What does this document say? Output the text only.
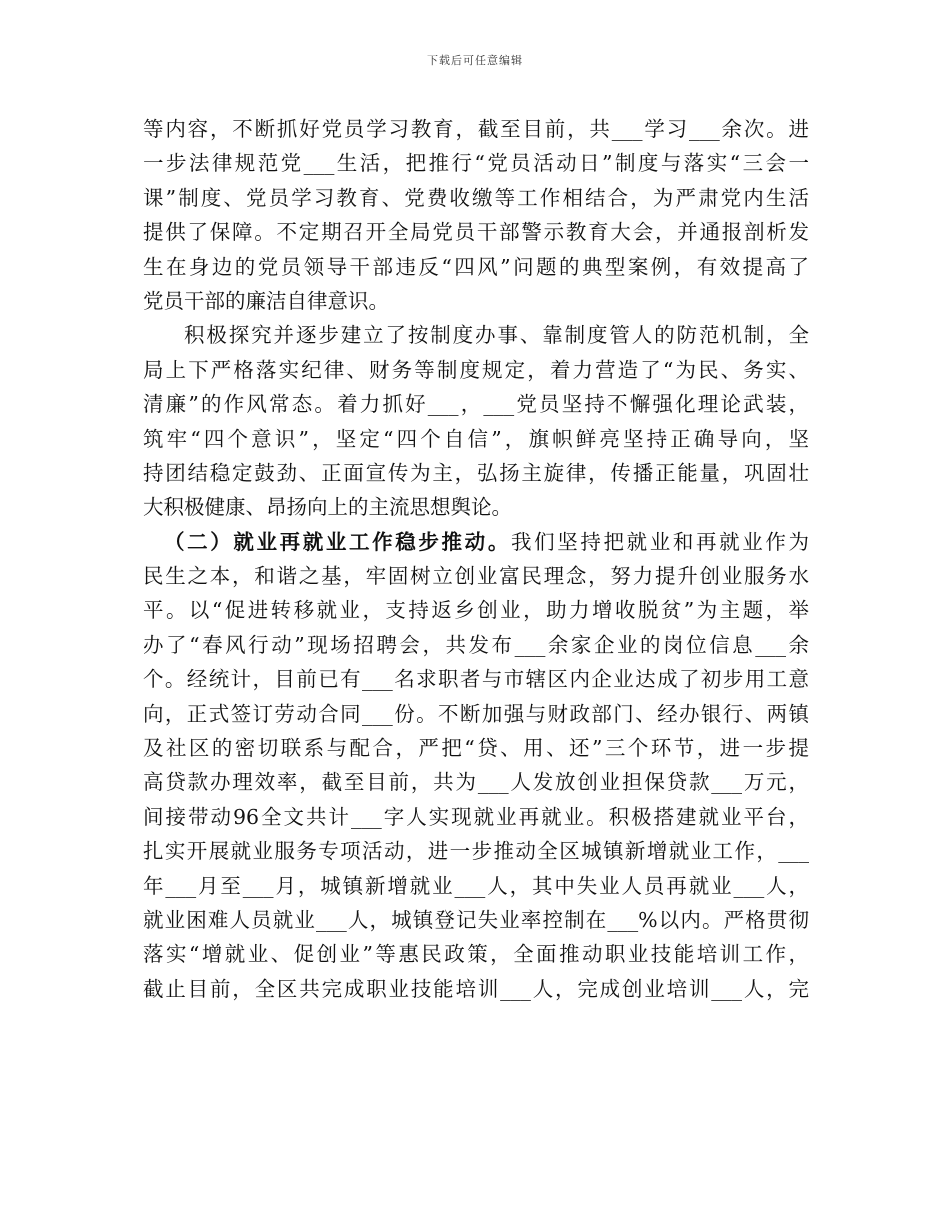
下载后可任意编辑
等内容，不断抓好党员学习教育，截至目前，共___学习___余次。进
一步法律规范党___生活，把推行“党员活动日”制度与落实“三会一
课”制度、党员学习教育、党费收缴等工作相结合，为严肃党内生活
提供了保障。不定期召开全局党员干部警示教育大会，并通报剖析发
生在身边的党员领导干部违反“四风”问题的典型案例，有效提高了
党员干部的廉洁自律意识。
积极探究并逐步建立了按制度办事、靠制度管人的防范机制，全
局上下严格落实纪律、财务等制度规定，着力营造了“为民、务实、
清廉”的作风常态。着力抓好___，___党员坚持不懈强化理论武装，
筑牢“四个意识”，坚定“四个自信”，旗帜鲜亮坚持正确导向，坚
持团结稳定鼓劲、正面宣传为主，弘扬主旋律，传播正能量，巩固壮
大积极健康、昂扬向上的主流思想舆论。
（二）就业再就业工作稳步推动。我们坚持把就业和再就业作为
民生之本，和谐之基，牢固树立创业富民理念，努力提升创业服务水
平。以“促进转移就业，支持返乡创业，助力增收脱贫”为主题，举
办了“春风行动”现场招聘会，共发布___余家企业的岗位信息___余
个。经统计，目前已有___名求职者与市辖区内企业达成了初步用工意
向，正式签订劳动合同___份。不断加强与财政部门、经办银行、两镇
及社区的密切联系与配合，严把“贷、用、还”三个环节，进一步提
高贷款办理效率，截至目前，共为___人发放创业担保贷款___万元，
间接带动96全文共计___字人实现就业再就业。积极搭建就业平台，
扎实开展就业服务专项活动，进一步推动全区城镇新增就业工作，___
年___月至___月，城镇新增就业___人，其中失业人员再就业___人，
就业困难人员就业___人，城镇登记失业率控制在___%以内。严格贯彻
落实“增就业、促创业”等惠民政策，全面推动职业技能培训工作，
截止目前，全区共完成职业技能培训___人，完成创业培训___人，完
